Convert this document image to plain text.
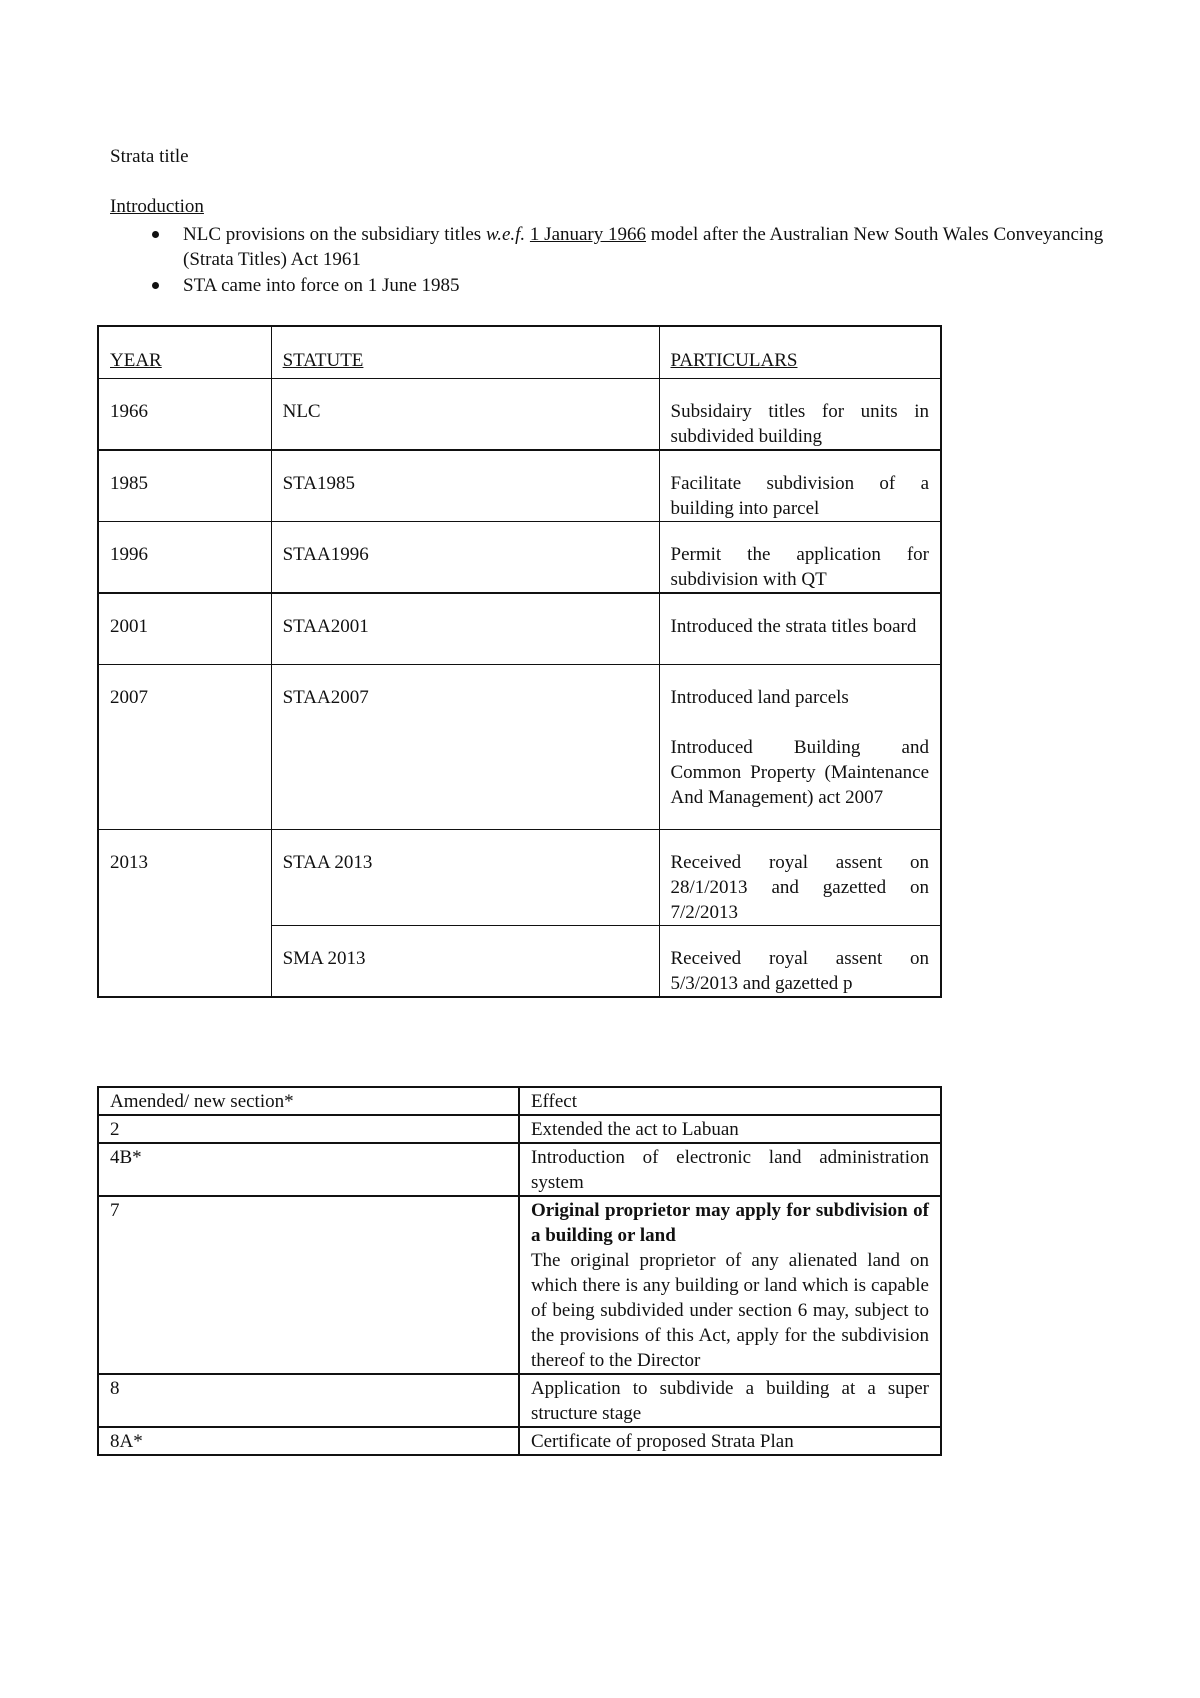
Strata title
Introduction
NLC provisions on the subsidiary titles w.e.f. 1 January 1966 model after the Australian New South Wales Conveyancing (Strata Titles) Act 1961
STA came into force on 1 June 1985
YEAR	STATUTE	PARTICULARS
1966	NLC	Subsidairy titles for units in subdivided building

1985	STA1985	Facilitate subdivision of a building into parcel

1996	STAA1996	Permit the application for subdivision with QT

2001	STAA2001	Introduced the strata titles board

2007	STAA2007	Introduced land parcels

Introduced Building and Common Property (Maintenance And Management) act 2007

2013	STAA 2013	Received royal assent on 28/1/2013 and gazetted on 7/2/2013

	SMA 2013	Received royal assent on 5/3/2013 and gazetted p

Amended/ new section*	Effect
2	Extended the act to Labuan
4B*	Introduction of electronic land administration system
7	Original proprietor may apply for subdivision of a building or land
The original proprietor of any alienated land on which there is any building or land which is capable of being subdivided under section 6 may, subject to the provisions of this Act, apply for the subdivision thereof to the Director
8	Application to subdivide a building at a super structure stage
8A*	Certificate of proposed Strata Plan
